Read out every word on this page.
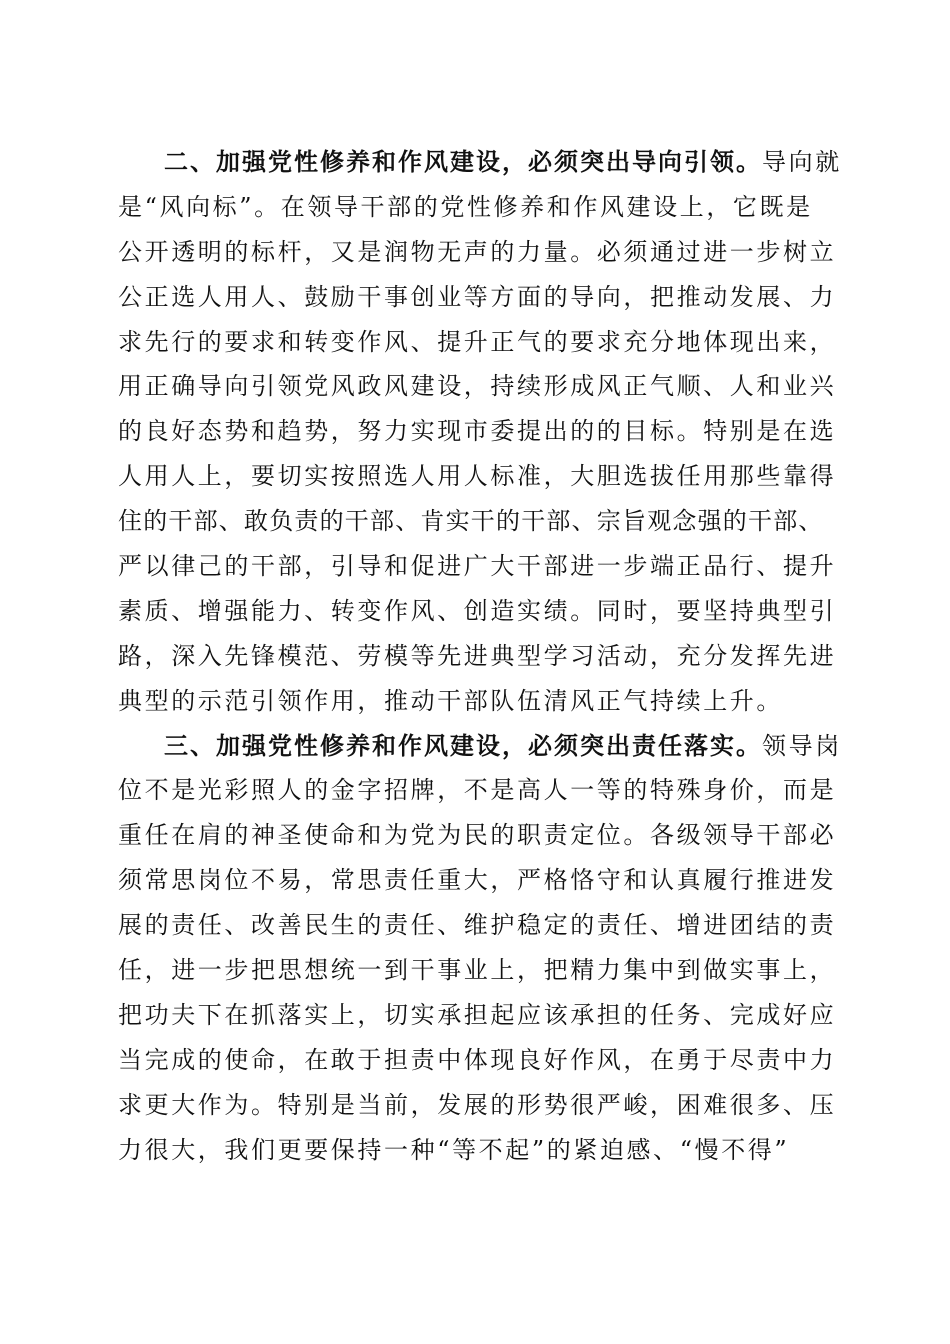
二、加强党性修养和作风建设，必须突出导向引领。导向就
是“风向标”。在领导干部的党性修养和作风建设上，它既是
公开透明的标杆，又是润物无声的力量。必须通过进一步树立
公正选人用人、鼓励干事创业等方面的导向，把推动发展、力
求先行的要求和转变作风、提升正气的要求充分地体现出来，
用正确导向引领党风政风建设，持续形成风正气顺、人和业兴
的良好态势和趋势，努力实现市委提出的的目标。特别是在选
人用人上，要切实按照选人用人标准，大胆选拔任用那些靠得
住的干部、敢负责的干部、肯实干的干部、宗旨观念强的干部、
严以律己的干部，引导和促进广大干部进一步端正品行、提升
素质、增强能力、转变作风、创造实绩。同时，要坚持典型引
路，深入先锋模范、劳模等先进典型学习活动，充分发挥先进
典型的示范引领作用，推动干部队伍清风正气持续上升。
三、加强党性修养和作风建设，必须突出责任落实。领导岗
位不是光彩照人的金字招牌，不是高人一等的特殊身价，而是
重任在肩的神圣使命和为党为民的职责定位。各级领导干部必
须常思岗位不易，常思责任重大，严格恪守和认真履行推进发
展的责任、改善民生的责任、维护稳定的责任、增进团结的责
任，进一步把思想统一到干事业上，把精力集中到做实事上，
把功夫下在抓落实上，切实承担起应该承担的任务、完成好应
当完成的使命，在敢于担责中体现良好作风，在勇于尽责中力
求更大作为。特别是当前，发展的形势很严峻，困难很多、压
力很大，我们更要保持一种“等不起”的紧迫感、“慢不得”
